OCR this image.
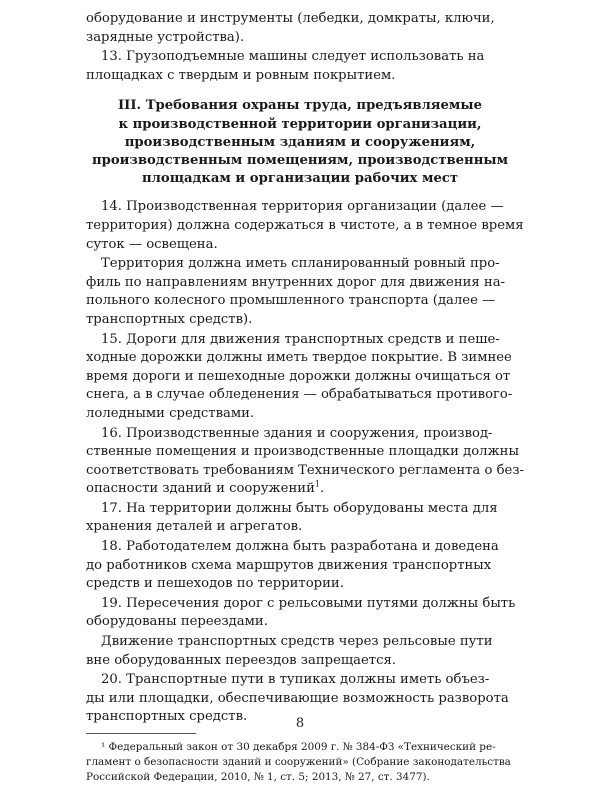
оборудование и инструменты (лебедки, домкраты, ключи,
зарядные устройства).

13. Грузоподъемные машины следует использовать на
площадках с твердым и ровным покрытием.

III. Требования охраны труда, предъявляемые
к производственной территории организации,
производственным зданиям и сооружениям,
производственным помещениям, производственным
площадкам и организации рабочих мест

14. Производственная территория организации (далее —
территория) должна содержаться в чистоте, а в темное время
суток — освещена.

Территория должна иметь спланированный ровный про-
филь по направлениям внутренних дорог для движения на-
польного колесного промышленного транспорта (далее —
транспортных средств).

15. Дороги для движения транспортных средств и пеше-
ходные дорожки должны иметь твердое покрытие. В зимнее
время дороги и пешеходные дорожки должны очищаться от
снега, а в случае обледенения — обрабатываться противого-
лоледными средствами.

16. Производственные здания и сооружения, производ-
ственные помещения и производственные площадки должны
соответствовать требованиям Технического регламента о без-
опасности зданий и сооружений$^1$.

17. На территории должны быть оборудованы места для
хранения деталей и агрегатов.

18. Работодателем должна быть разработана и доведена
до работников схема маршрутов движения транспортных
средств и пешеходов по территории.

19. Пересечения дорог с рельсовыми путями должны быть
оборудованы переездами.

Движение транспортных средств через рельсовые пути
вне оборудованных переездов запрещается.

20. Транспортные пути в тупиках должны иметь объез-
ды или площадки, обеспечивающие возможность разворота
транспортных средств.

¹ Федеральный закон от 30 декабря 2009 г. № 384-ФЗ «Технический ре-
гламент о безопасности зданий и сооружений» (Собрание законодательства
Российской Федерации, 2010, № 1, ст. 5; 2013, № 27, ст. 3477).
8
